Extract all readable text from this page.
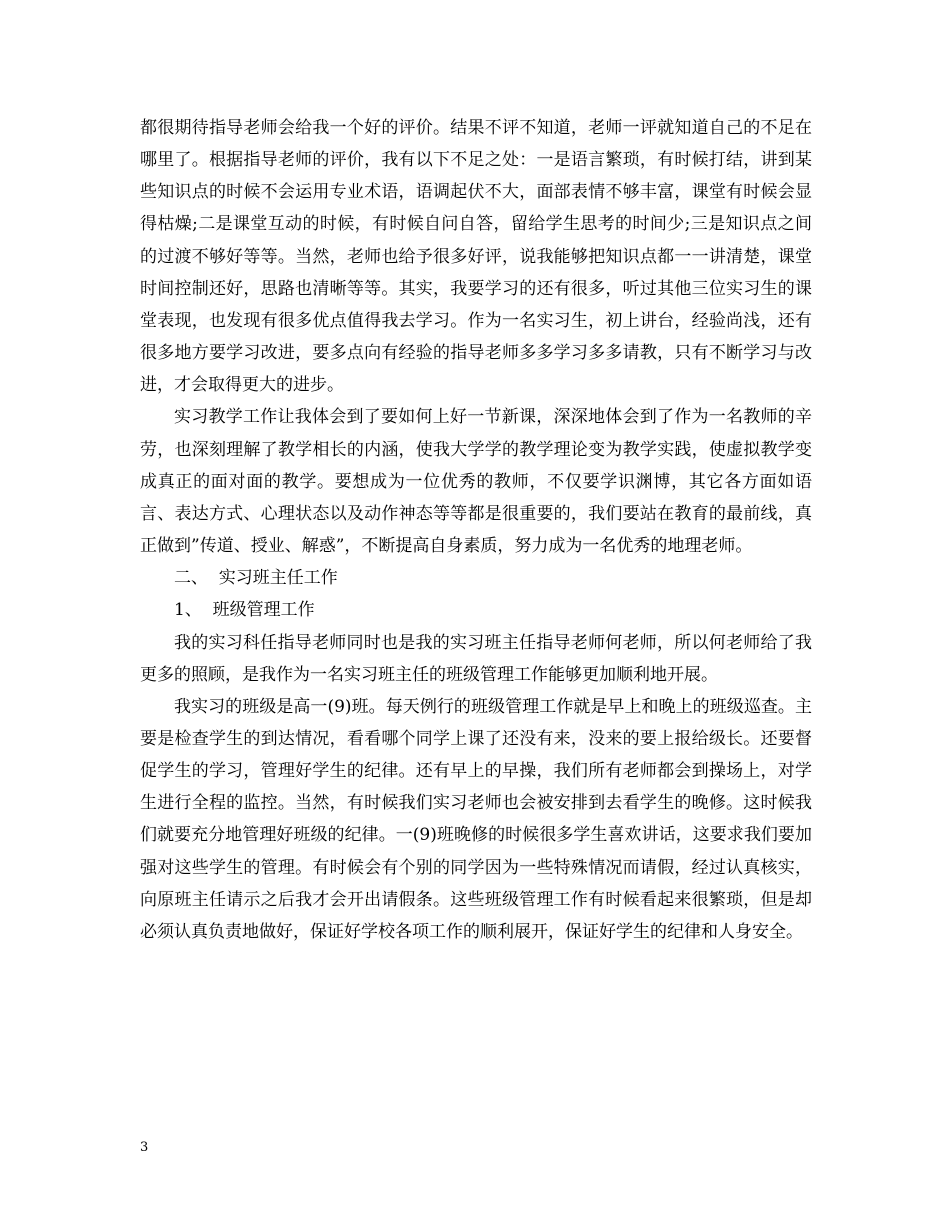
都很期待指导老师会给我一个好的评价。结果不评不知道，老师一评就知道自己的不足在哪里了。根据指导老师的评价，我有以下不足之处：一是语言繁琐，有时候打结，讲到某些知识点的时候不会运用专业术语，语调起伏不大，面部表情不够丰富，课堂有时候会显得枯燥;二是课堂互动的时候，有时候自问自答，留给学生思考的时间少;三是知识点之间的过渡不够好等等。当然，老师也给予很多好评，说我能够把知识点都一一讲清楚，课堂时间控制还好，思路也清晰等等。其实，我要学习的还有很多，听过其他三位实习生的课堂表现，也发现有很多优点值得我去学习。作为一名实习生，初上讲台，经验尚浅，还有很多地方要学习改进，要多点向有经验的指导老师多多学习多多请教，只有不断学习与改进，才会取得更大的进步。

实习教学工作让我体会到了要如何上好一节新课，深深地体会到了作为一名教师的辛劳，也深刻理解了教学相长的内涵，使我大学学的教学理论变为教学实践，使虚拟教学变成真正的面对面的教学。要想成为一位优秀的教师，不仅要学识渊博，其它各方面如语言、表达方式、心理状态以及动作神态等等都是很重要的，我们要站在教育的最前线，真正做到”传道、授业、解惑”，不断提高自身素质，努力成为一名优秀的地理老师。

二、  实习班主任工作

1、  班级管理工作

我的实习科任指导老师同时也是我的实习班主任指导老师何老师，所以何老师给了我更多的照顾，是我作为一名实习班主任的班级管理工作能够更加顺利地开展。

我实习的班级是高一(9)班。每天例行的班级管理工作就是早上和晚上的班级巡查。主要是检查学生的到达情况，看看哪个同学上课了还没有来，没来的要上报给级长。还要督促学生的学习，管理好学生的纪律。还有早上的早操，我们所有老师都会到操场上，对学生进行全程的监控。当然，有时候我们实习老师也会被安排到去看学生的晚修。这时候我们就要充分地管理好班级的纪律。一(9)班晚修的时候很多学生喜欢讲话，这要求我们要加强对这些学生的管理。有时候会有个别的同学因为一些特殊情况而请假，经过认真核实，向原班主任请示之后我才会开出请假条。这些班级管理工作有时候看起来很繁琐，但是却必须认真负责地做好，保证好学校各项工作的顺利展开，保证好学生的纪律和人身安全。

3
